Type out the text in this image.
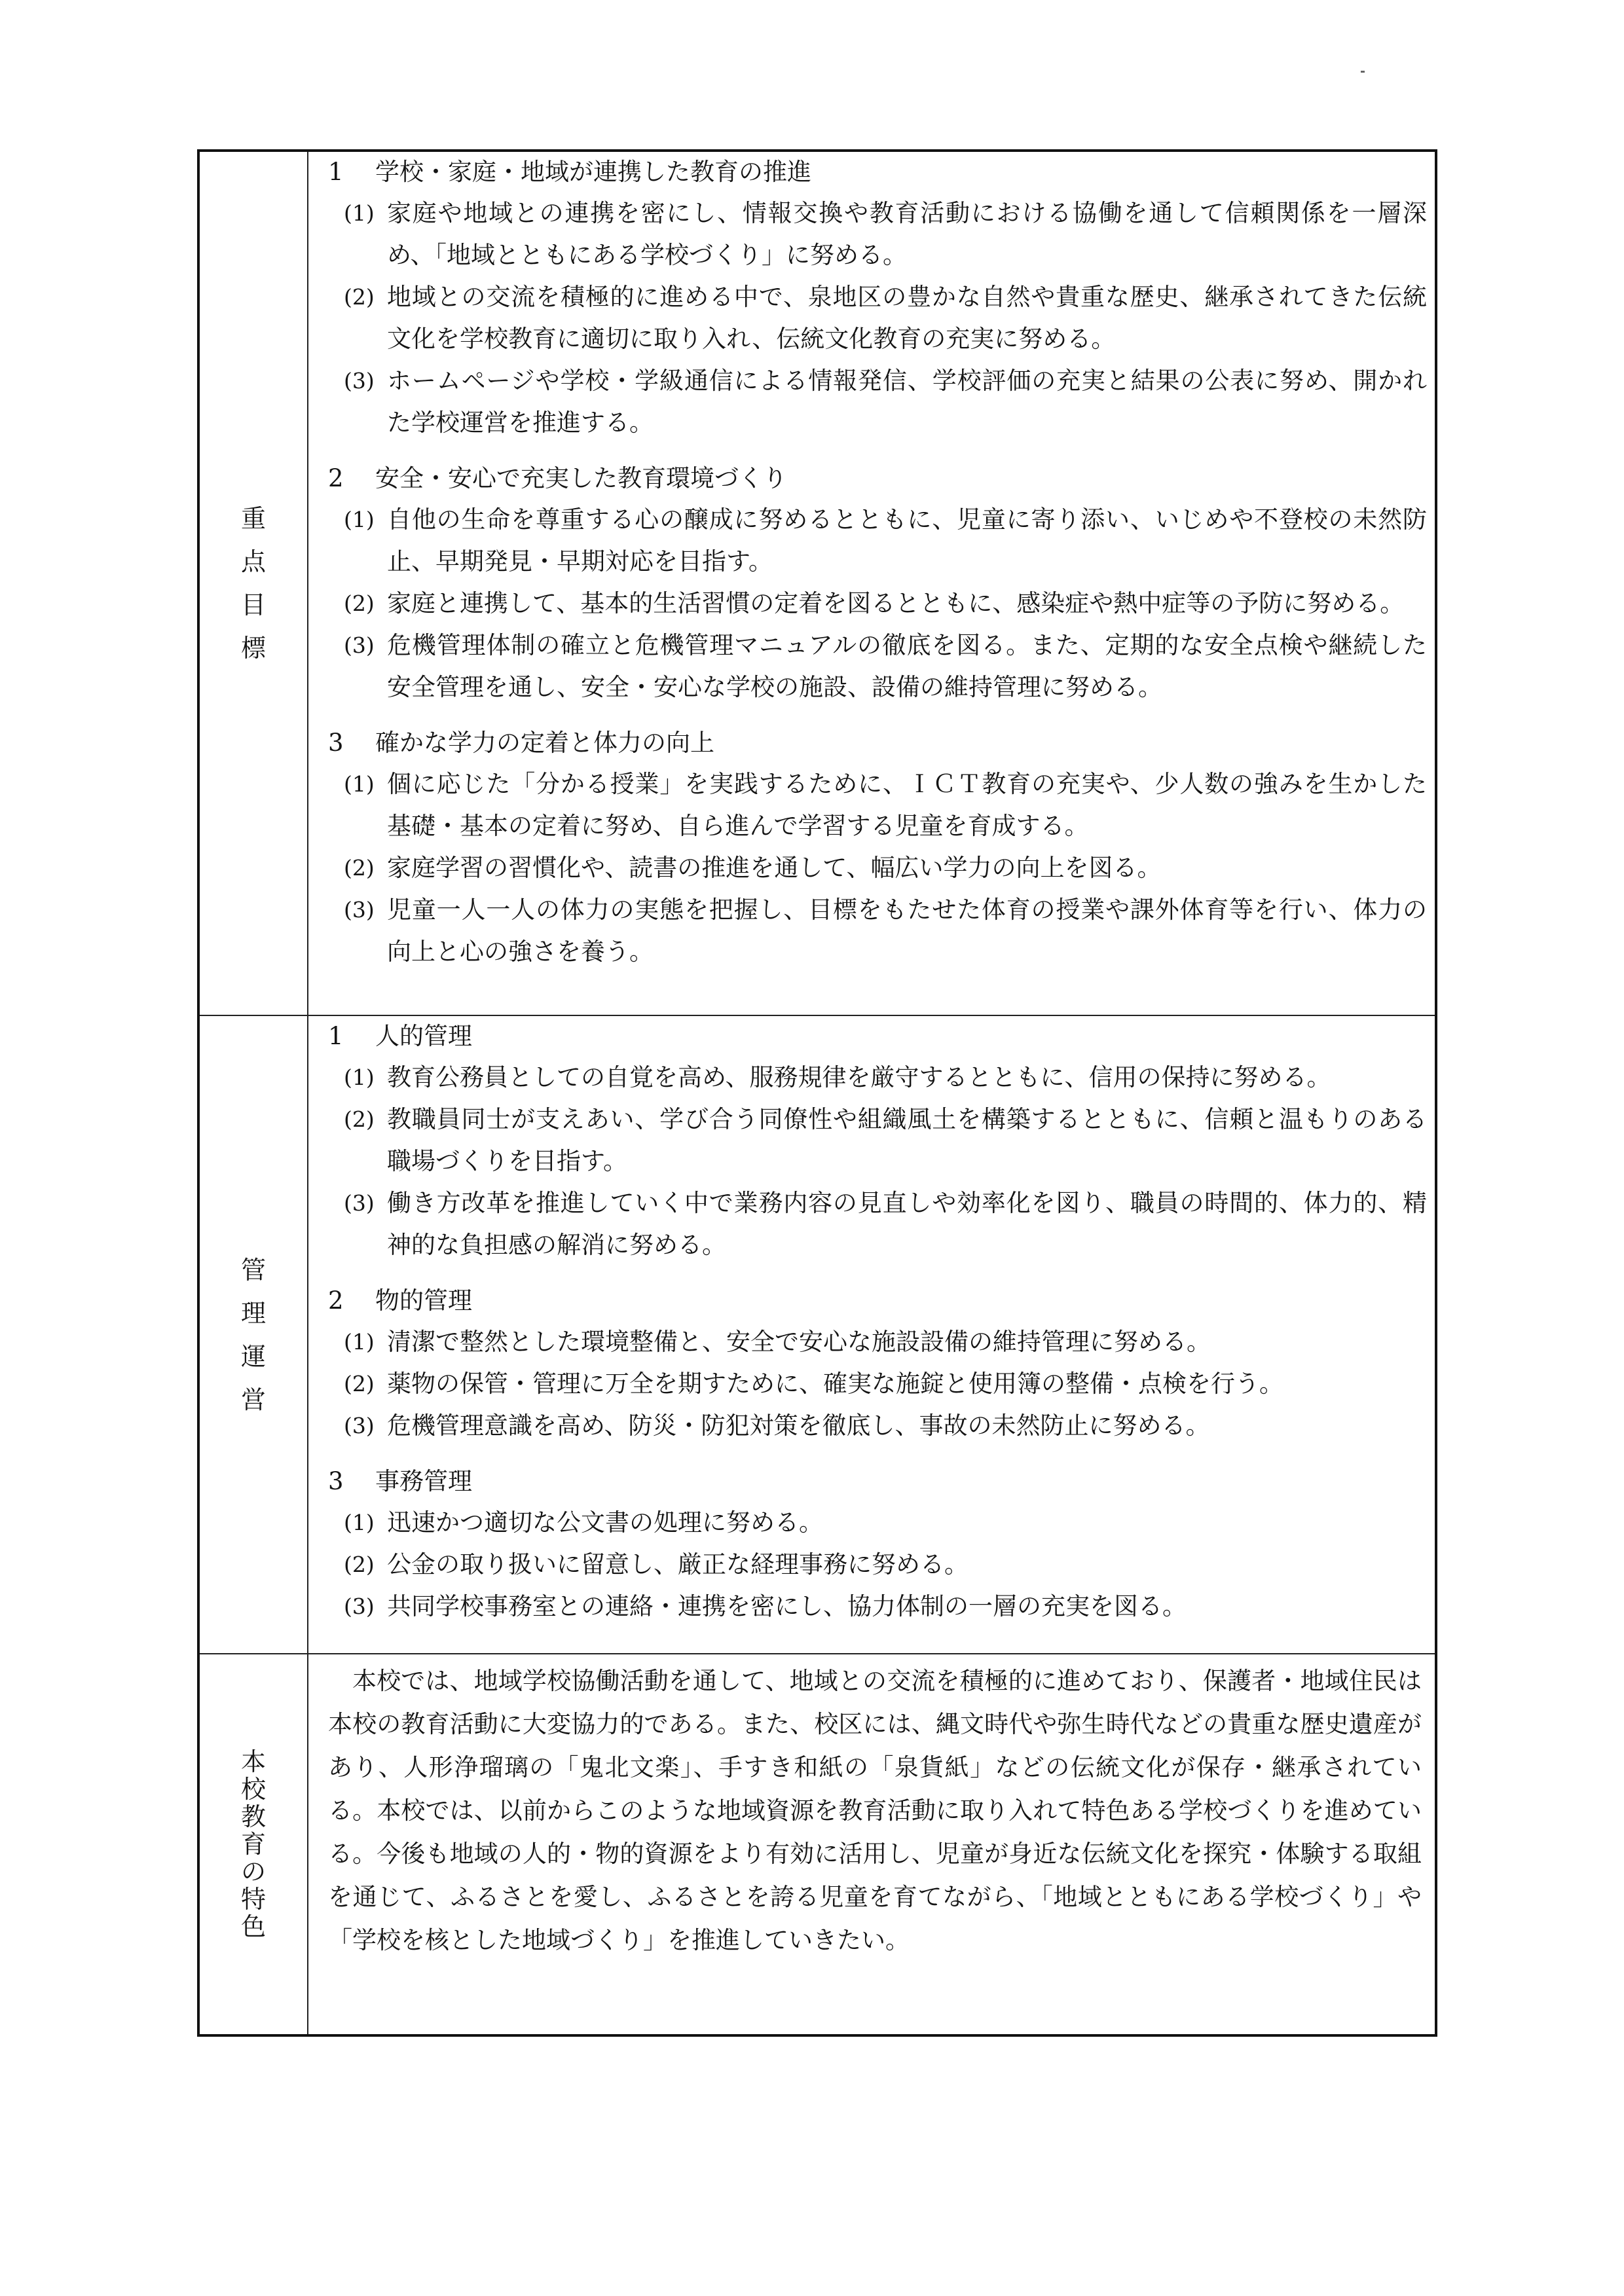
重
点
目
標
1 学校・家庭・地域が連携した教育の推進
(1) 家庭や地域との連携を密にし、情報交換や教育活動における協働を通して信頼関係を一層深め、「地域とともにある学校づくり」に努める。
(2) 地域との交流を積極的に進める中で、泉地区の豊かな自然や貴重な歴史、継承されてきた伝統文化を学校教育に適切に取り入れ、伝統文化教育の充実に努める。
(3) ホームページや学校・学級通信による情報発信、学校評価の充実と結果の公表に努め、開かれた学校運営を推進する。
2 安全・安心で充実した教育環境づくり
(1) 自他の生命を尊重する心の醸成に努めるとともに、児童に寄り添い、いじめや不登校の未然防止、早期発見・早期対応を目指す。
(2) 家庭と連携して、基本的生活習慣の定着を図るとともに、感染症や熱中症等の予防に努める。
(3) 危機管理体制の確立と危機管理マニュアルの徹底を図る。また、定期的な安全点検や継続した安全管理を通し、安全・安心な学校の施設、設備の維持管理に努める。
3 確かな学力の定着と体力の向上
(1) 個に応じた「分かる授業」を実践するために、ＩＣＴ教育の充実や、少人数の強みを生かした基礎・基本の定着に努め、自ら進んで学習する児童を育成する。
(2) 家庭学習の習慣化や、読書の推進を通して、幅広い学力の向上を図る。
(3) 児童一人一人の体力の実態を把握し、目標をもたせた体育の授業や課外体育等を行い、体力の向上と心の強さを養う。
管
理
運
営
1 人的管理
(1) 教育公務員としての自覚を高め、服務規律を厳守するとともに、信用の保持に努める。
(2) 教職員同士が支えあい、学び合う同僚性や組織風土を構築するとともに、信頼と温もりのある職場づくりを目指す。
(3) 働き方改革を推進していく中で業務内容の見直しや効率化を図り、職員の時間的、体力的、精神的な負担感の解消に努める。
2 物的管理
(1) 清潔で整然とした環境整備と、安全で安心な施設設備の維持管理に努める。
(2) 薬物の保管・管理に万全を期すために、確実な施錠と使用簿の整備・点検を行う。
(3) 危機管理意識を高め、防災・防犯対策を徹底し、事故の未然防止に努める。
3 事務管理
(1) 迅速かつ適切な公文書の処理に努める。
(2) 公金の取り扱いに留意し、厳正な経理事務に努める。
(3) 共同学校事務室との連絡・連携を密にし、協力体制の一層の充実を図る。
本
校
教
育
の
特
色

本校では、地域学校協働活動を通して、地域との交流を積極的に進めており、保護者・地域住民は本校の教育活動に大変協力的である。また、校区には、縄文時代や弥生時代などの貴重な歴史遺産があり、人形浄瑠璃の「鬼北文楽」、手すき和紙の「泉貨紙」などの伝統文化が保存・継承されている。本校では、以前からこのような地域資源を教育活動に取り入れて特色ある学校づくりを進めている。今後も地域の人的・物的資源をより有効に活用し、児童が身近な伝統文化を探究・体験する取組を通じて、ふるさとを愛し、ふるさとを誇る児童を育てながら、「地域とともにある学校づくり」や「学校を核とした地域づくり」を推進していきたい。
